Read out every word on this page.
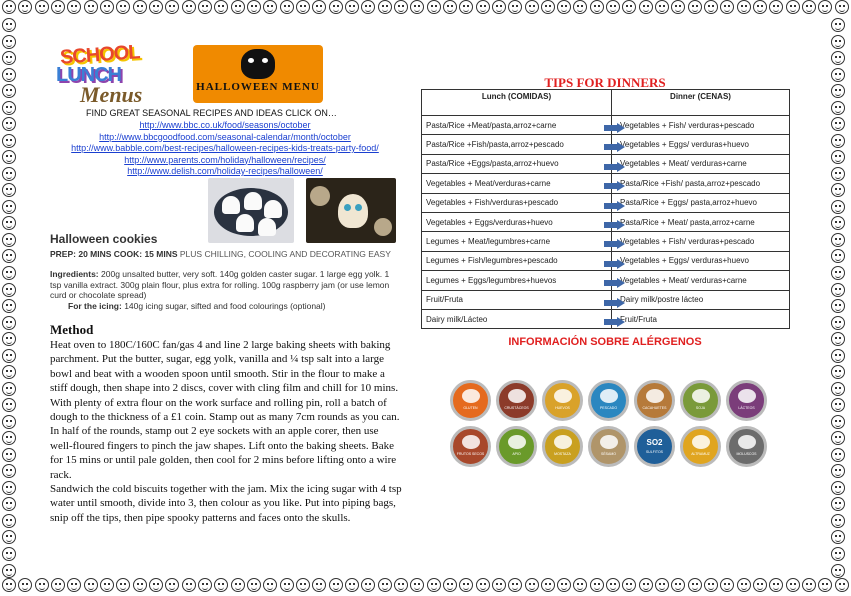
SCHOOL
LUNCH
Menus	HALLOWEEN MENU
FIND GREAT SEASONAL RECIPES AND IDEAS CLICK ON…
http://www.bbc.co.uk/food/seasons/october
http://www.bbcgoodfood.com/seasonal-calendar/month/october
http://www.babble.com/best-recipes/halloween-recipes-kids-treats-party-food/
http://www.parents.com/holiday/halloween/recipes/
http://www.delish.com/holiday-recipes/halloween/
Halloween cookies
PREP: 20 MINS COOK: 15 MINS PLUS CHILLING, COOLING AND DECORATING EASY
Ingredients: 200g unsalted butter, very soft. 140g golden caster sugar. 1 large egg yolk. 1 tsp vanilla extract. 300g plain flour, plus extra for rolling. 100g raspberry jam (or use lemon curd or chocolate spread)
For the icing: 140g icing sugar, sifted and food colourings (optional)
Method

Heat oven to 180C/160C fan/gas 4 and line 2 large baking sheets with baking parchment. Put the butter, sugar, egg yolk, vanilla and ¼ tsp salt into a large bowl and beat with a wooden spoon until smooth. Stir in the flour to make a stiff dough, then shape into 2 discs, cover with cling film and chill for 10 mins.

With plenty of extra flour on the work surface and rolling pin, roll a batch of dough to the thickness of a £1 coin. Stamp out as many 7cm rounds as you can. In half of the rounds, stamp out 2 eye sockets with an apple corer, then use well-floured fingers to pinch the jaw shapes. Lift onto the baking sheets. Bake for 15 mins or until pale golden, then cool for 2 mins before lifting onto a wire rack.

Sandwich the cold biscuits together with the jam. Mix the icing sugar with 4 tsp water until smooth, divide into 3, then colour as you like. Put into piping bags, snip off the tips, then pipe spooky patterns and faces onto the skulls.

TIPS FOR DINNERS
Lunch (COMIDAS)	Dinner (CENAS)
Pasta/Rice +Meat/pasta,arroz+carne	Vegetables + Fish/ verduras+pescado
Pasta/Rice +Fish/pasta,arroz+pescado	Vegetables + Eggs/ verduras+huevo
Pasta/Rice +Eggs/pasta,arroz+huevo	Vegetables + Meat/ verduras+carne
Vegetables + Meat/verduras+carne	Pasta/Rice +Fish/ pasta,arroz+pescado
Vegetables + Fish/verduras+pescado	Pasta/Rice + Eggs/ pasta,arroz+huevo
Vegetables + Eggs/verduras+huevo	Pasta/Rice + Meat/ pasta,arroz+carne
Legumes + Meat/legumbres+carne	Vegetables + Fish/ verduras+pescado
Legumes + Fish/legumbres+pescado	Vegetables + Eggs/ verduras+huevo
Legumes + Eggs/legumbres+huevos	Vegetables + Meat/ verduras+carne
Fruit/Fruta	Dairy milk/postre lácteo
Dairy milk/Lácteo	Fruit/Fruta
INFORMACIÓN SOBRE ALÉRGENOS
GLUTEN	CRUSTÁCEOS	HUEVOS	PESCADO	CACAHUETES	SOJA	LÁCTEOS
FRUTOS SECOS	APIO	MOSTAZA	SÉSAMO
SO2
SULFITOS
ALTRAMUZ	MOLUSCOS
